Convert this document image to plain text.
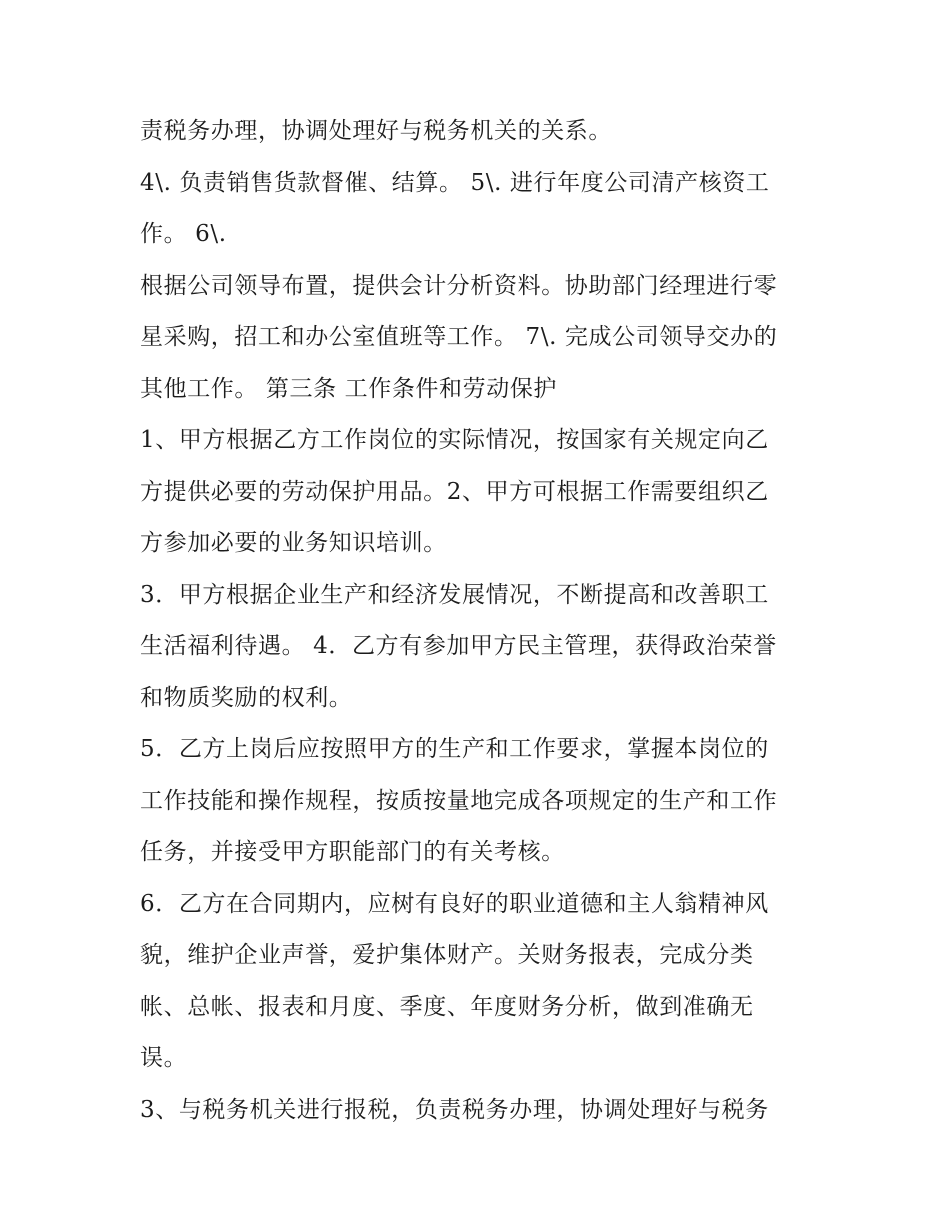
责税务办理，协调处理好与税务机关的关系。
4\. 负责销售货款督催、结算。 5\. 进行年度公司清产核资工
作。 6\.
根据公司领导布置，提供会计分析资料。协助部门经理进行零
星采购，招工和办公室值班等工作。 7\. 完成公司领导交办的
其他工作。 第三条 工作条件和劳动保护
1、甲方根据乙方工作岗位的实际情况，按国家有关规定向乙
方提供必要的劳动保护用品。2、甲方可根据工作需要组织乙
方参加必要的业务知识培训。
3．甲方根据企业生产和经济发展情况，不断提高和改善职工
生活福利待遇。 4．乙方有参加甲方民主管理，获得政治荣誉
和物质奖励的权利。
5．乙方上岗后应按照甲方的生产和工作要求，掌握本岗位的
工作技能和操作规程，按质按量地完成各项规定的生产和工作
任务，并接受甲方职能部门的有关考核。
6．乙方在合同期内，应树有良好的职业道德和主人翁精神风
貌，维护企业声誉，爱护集体财产。关财务报表，完成分类
帐、总帐、报表和月度、季度、年度财务分析，做到准确无
误。
3、与税务机关进行报税，负责税务办理，协调处理好与税务
